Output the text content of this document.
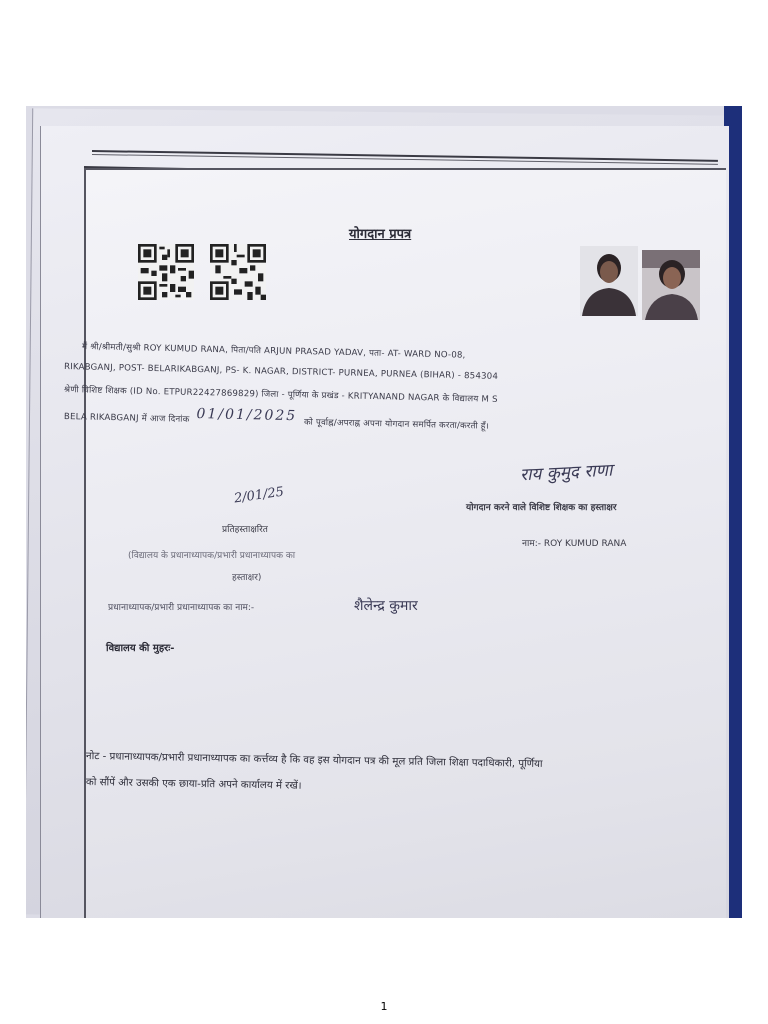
योगदान प्रपत्र
मैं श्री/श्रीमती/सुश्री ROY KUMUD RANA, पिता/पति ARJUN PRASAD YADAV, पता- AT- WARD NO-08,
RIKABGANJ, POST- BELARIKABGANJ, PS- K. NAGAR, DISTRICT- PURNEA, PURNEA (BIHAR) - 854304
श्रेणी विशिष्ट शिक्षक (ID No. ETPUR22427869829) जिला - पूर्णिया के प्रखंड - KRITYANAND NAGAR के विद्यालय M S
BELA RIKABGANJ में आज दिनांक 01/01/2025 को पूर्वाह्न/अपराह्न अपना योगदान समर्पित करता/करती हूँ।
राय कुमुद राणा
योगदान करने वाले विशिष्ट शिक्षक का हस्ताक्षर
नाम:- ROY KUMUD RANA
2/01/25
प्रतिहस्ताक्षरित
(विद्यालय के प्रधानाध्यापक/प्रभारी प्रधानाध्यापक का
हस्ताक्षर)
प्रधानाध्यापक/प्रभारी प्रधानाध्यापक का नाम:-	शैलेन्द्र कुमार
विद्यालय की मुहरः-
नोट - प्रधानाध्यापक/प्रभारी प्रधानाध्यापक का कर्त्तव्य है कि वह इस योगदान पत्र की मूल प्रति जिला शिक्षा पदाधिकारी, पूर्णिया
को सौंपें और उसकी एक छाया-प्रति अपने कार्यालय में रखें।
1
